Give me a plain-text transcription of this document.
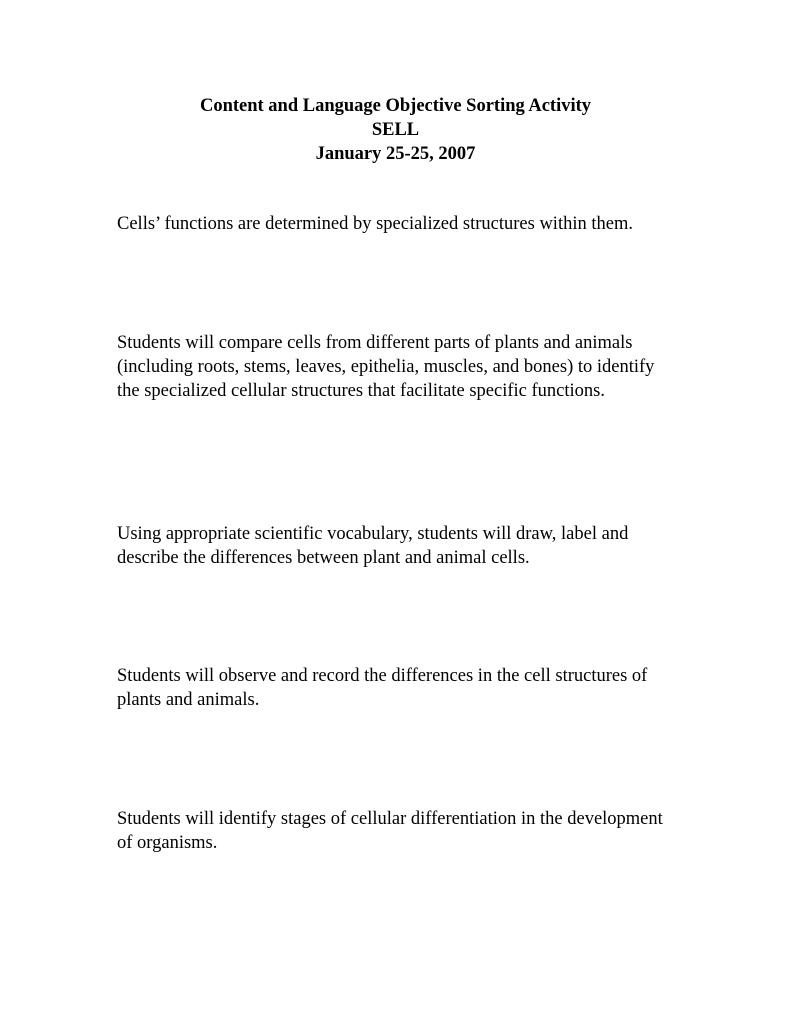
Content and Language Objective Sorting Activity
SELL
January 25-25, 2007

Cells’ functions are determined by specialized structures within them.

Students will compare cells from different parts of plants and animals (including roots, stems, leaves, epithelia, muscles, and bones) to identify the specialized cellular structures that facilitate specific functions.

Using appropriate scientific vocabulary, students will draw, label and describe the differences between plant and animal cells.

Students will observe and record the differences in the cell structures of plants and animals.

Students will identify stages of cellular differentiation in the development of organisms.
